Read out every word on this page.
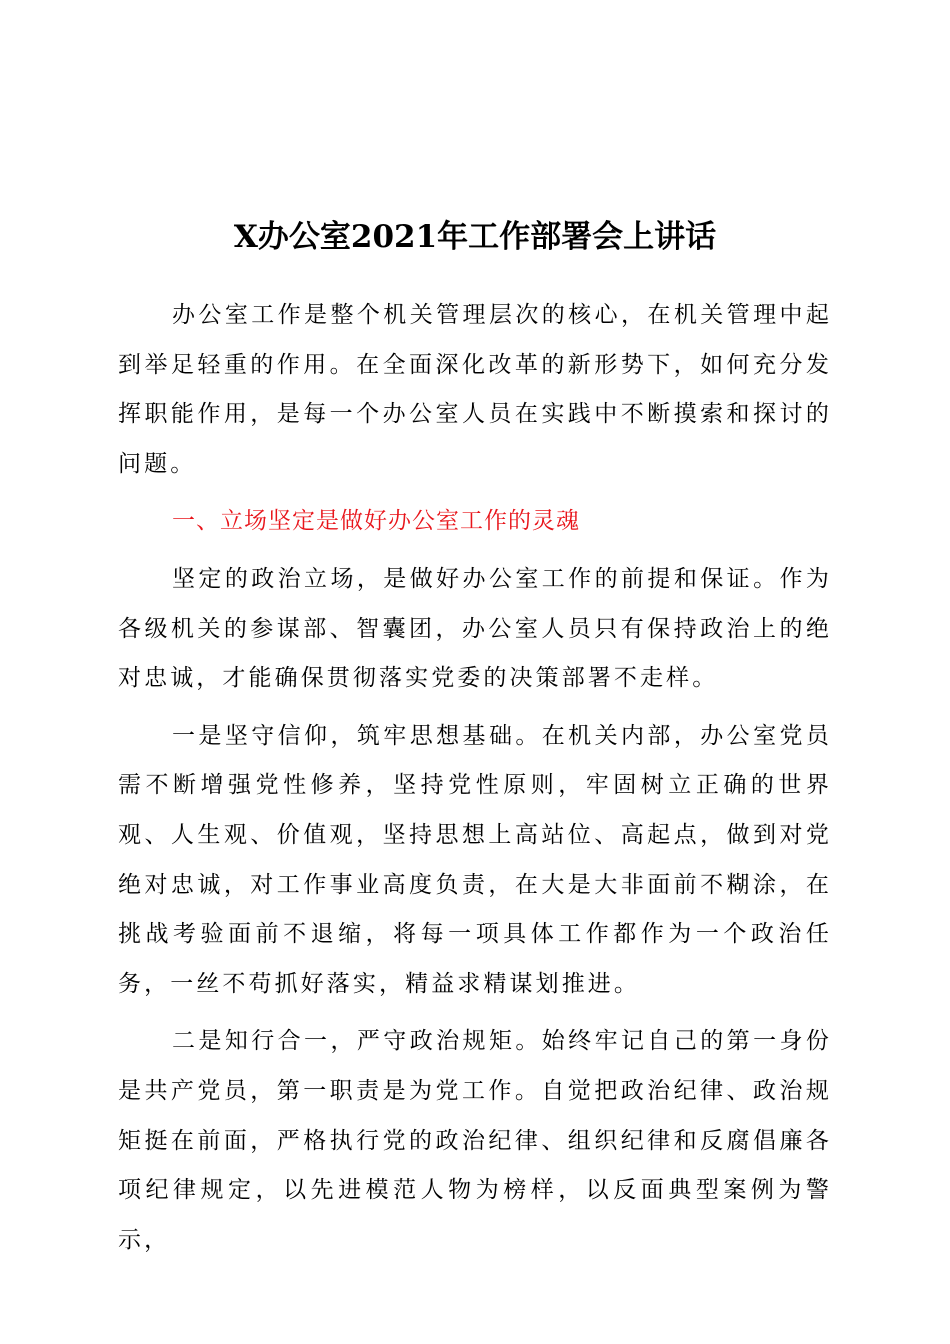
X办公室2021年工作部署会上讲话

办公室工作是整个机关管理层次的核心，在机关管理中起到举足轻重的作用。在全面深化改革的新形势下，如何充分发挥职能作用，是每一个办公室人员在实践中不断摸索和探讨的问题。

一、立场坚定是做好办公室工作的灵魂

坚定的政治立场，是做好办公室工作的前提和保证。作为各级机关的参谋部、智囊团，办公室人员只有保持政治上的绝对忠诚，才能确保贯彻落实党委的决策部署不走样。

一是坚守信仰，筑牢思想基础。在机关内部，办公室党员需不断增强党性修养，坚持党性原则，牢固树立正确的世界观、人生观、价值观，坚持思想上高站位、高起点，做到对党绝对忠诚，对工作事业高度负责，在大是大非面前不糊涂，在挑战考验面前不退缩，将每一项具体工作都作为一个政治任务，一丝不苟抓好落实，精益求精谋划推进。

二是知行合一，严守政治规矩。始终牢记自己的第一身份是共产党员，第一职责是为党工作。自觉把政治纪律、政治规矩挺在前面，严格执行党的政治纪律、组织纪律和反腐倡廉各项纪律规定，以先进模范人物为榜样，以反面典型案例为警示，
